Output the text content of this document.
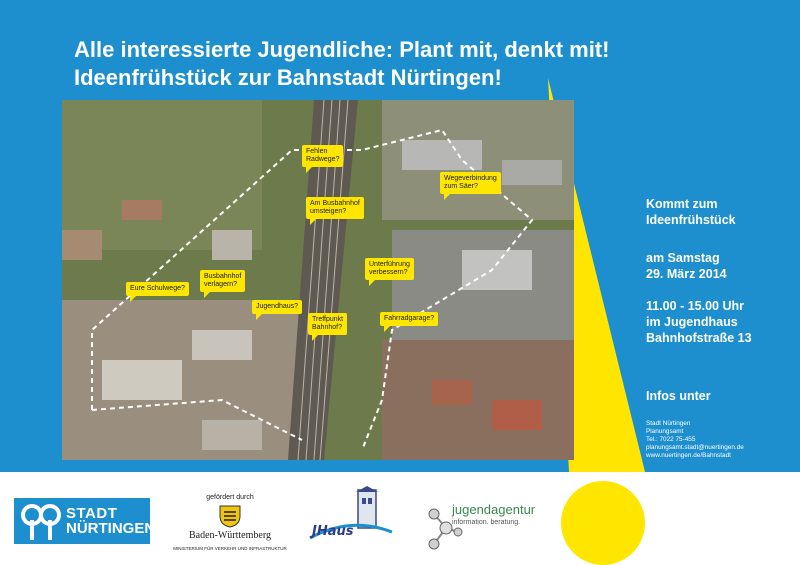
Alle interessierte Jugendliche: Plant mit, denkt mit!
Ideenfrühstück zur Bahnstadt Nürtingen!
Fehlen
Radwege?
Wegeverbindung
zum Säer?
Am Busbahnhof
umsteigen?
Eure Schulwege?
Busbahnhof
verlagern?
Unterführung
verbessern?
Jugendhaus?
Treffpunkt
Bahnhof?
Fahrradgarage?
Kommt zum
Ideenfrühstück
am Samstag
29. März 2014
11.00 - 15.00 Uhr
im Jugendhaus
Bahnhofstraße 13
Infos unter
Stadt Nürtingen
Planungsamt
Tel.: 7022 75-455
planungsamt.stadt@nuertingen.de
www.nuertingen.de/Bahnstadt
STADT
NÜRTINGEN
gefördert durch
Baden-Württemberg
MINISTERIUM FÜR VERKEHR UND INFRASTRUKTUR
JHaus
jugendagentur
information. beratung.
